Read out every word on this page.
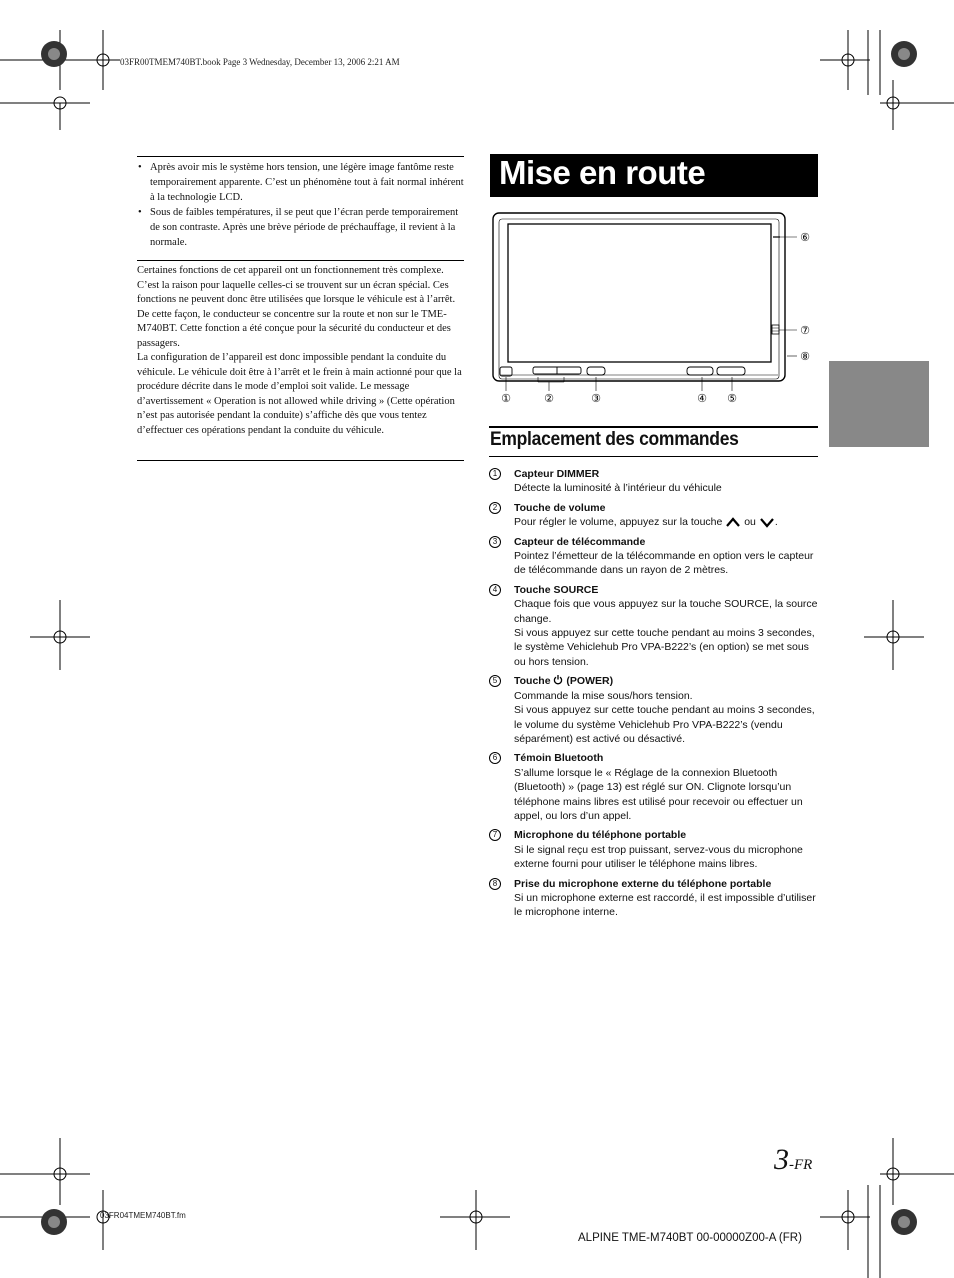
03FR00TMEM740BT.book Page 3 Wednesday, December 13, 2006 2:21 AM
• Après avoir mis le système hors tension, une légère image fantôme reste temporairement apparente. C’est un phénomène tout à fait normal inhérent à la technologie LCD.
• Sous de faibles températures, il se peut que l’écran perde temporairement de son contraste. Après une brève période de préchauffage, il revient à la normale.

Certaines fonctions de cet appareil ont un fonctionnement très complexe. C’est la raison pour laquelle celles-ci se trouvent sur un écran spécial. Ces fonctions ne peuvent donc être utilisées que lorsque le véhicule est à l’arrêt. De cette façon, le conducteur se concentre sur la route et non sur le TME-M740BT. Cette fonction a été conçue pour la sécurité du conducteur et des passagers.

La configuration de l’appareil est donc impossible pendant la conduite du véhicule. Le véhicule doit être à l’arrêt et le frein à main actionné pour que la procédure décrite dans le mode d’emploi soit valide. Le message d’avertissement « Operation is not allowed while driving » (Cette opération n’est pas autorisée pendant la conduite) s’affiche dès que vous tentez d’effectuer ces opérations pendant la conduite du véhicule.

Mise en route
①	②	③	④ ⑤
⑥
⑦
⑧
Emplacement des commandes
1	Capteur DIMMER
Détecte la luminosité à l’intérieur du véhicule
2	Touche de volume
Pour régler le volume, appuyez sur la touche ou .
3	Capteur de télécommande
Pointez l’émetteur de la télécommande en option vers le capteur de télécommande dans un rayon de 2 mètres.
4	Touche SOURCE
Chaque fois que vous appuyez sur la touche SOURCE, la source change.
Si vous appuyez sur cette touche pendant au moins 3 secondes, le système Vehiclehub Pro VPA-B222’s (en option) se met sous ou hors tension.
5	Touche (POWER)
Commande la mise sous/hors tension.
Si vous appuyez sur cette touche pendant au moins 3 secondes, le volume du système Vehiclehub Pro VPA-B222’s (vendu séparément) est activé ou désactivé.
6	Témoin Bluetooth
S’allume lorsque le « Réglage de la connexion Bluetooth (Bluetooth) » (page 13) est réglé sur ON. Clignote lorsqu’un téléphone mains libres est utilisé pour recevoir ou effectuer un appel, ou lors d’un appel.
7	Microphone du téléphone portable
Si le signal reçu est trop puissant, servez-vous du microphone externe fourni pour utiliser le téléphone mains libres.
8	Prise du microphone externe du téléphone portable
Si un microphone externe est raccordé, il est impossible d’utiliser le microphone interne.
3-FR
03FR04TMEM740BT.fm
ALPINE TME-M740BT 00-00000Z00-A (FR)
